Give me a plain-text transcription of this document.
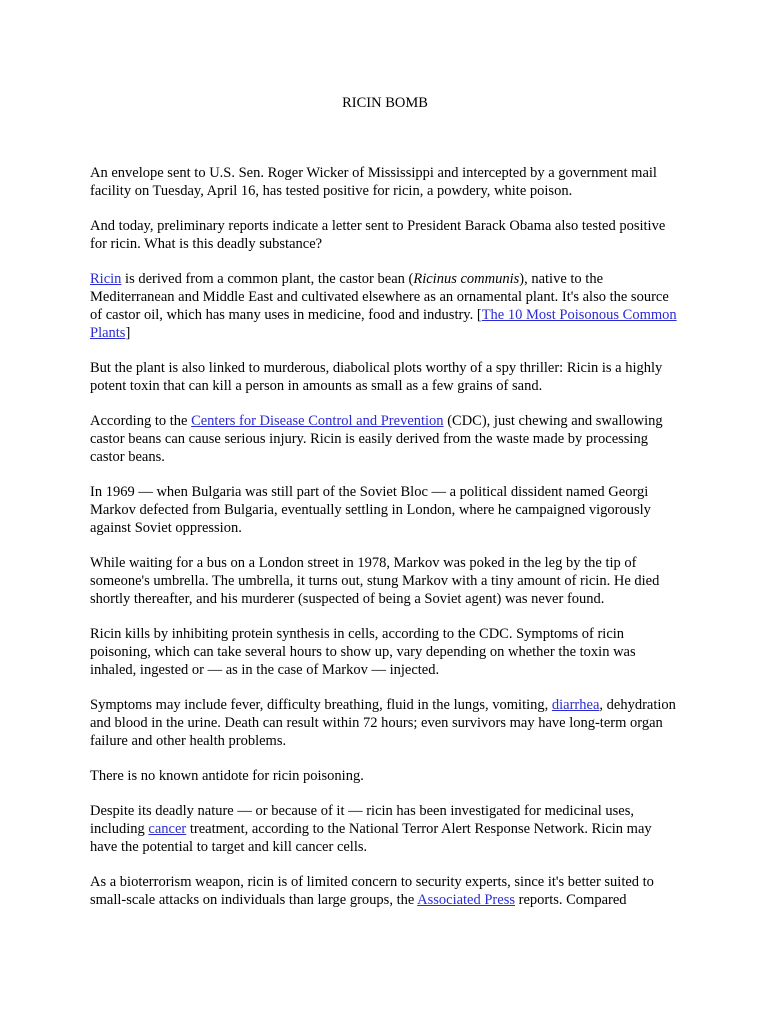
RICIN BOMB

An envelope sent to U.S. Sen. Roger Wicker of Mississippi and intercepted by a government mail facility on Tuesday, April 16, has tested positive for ricin, a powdery, white poison.

And today, preliminary reports indicate a letter sent to President Barack Obama also tested positive for ricin. What is this deadly substance?

Ricin is derived from a common plant, the castor bean (Ricinus communis), native to the Mediterranean and Middle East and cultivated elsewhere as an ornamental plant. It's also the source of castor oil, which has many uses in medicine, food and industry. [The 10 Most Poisonous Common Plants]

But the plant is also linked to murderous, diabolical plots worthy of a spy thriller: Ricin is a highly potent toxin that can kill a person in amounts as small as a few grains of sand.

According to the Centers for Disease Control and Prevention (CDC), just chewing and swallowing castor beans can cause serious injury. Ricin is easily derived from the waste made by processing castor beans.

In 1969 — when Bulgaria was still part of the Soviet Bloc — a political dissident named Georgi Markov defected from Bulgaria, eventually settling in London, where he campaigned vigorously against Soviet oppression.

While waiting for a bus on a London street in 1978, Markov was poked in the leg by the tip of someone's umbrella. The umbrella, it turns out, stung Markov with a tiny amount of ricin. He died shortly thereafter, and his murderer (suspected of being a Soviet agent) was never found.

Ricin kills by inhibiting protein synthesis in cells, according to the CDC. Symptoms of ricin poisoning, which can take several hours to show up, vary depending on whether the toxin was inhaled, ingested or — as in the case of Markov — injected.

Symptoms may include fever, difficulty breathing, fluid in the lungs, vomiting, diarrhea, dehydration and blood in the urine. Death can result within 72 hours; even survivors may have long-term organ failure and other health problems.

There is no known antidote for ricin poisoning.

Despite its deadly nature — or because of it — ricin has been investigated for medicinal uses, including cancer treatment, according to the National Terror Alert Response Network. Ricin may have the potential to target and kill cancer cells.

As a bioterrorism weapon, ricin is of limited concern to security experts, since it's better suited to small-scale attacks on individuals than large groups, the Associated Press reports. Compared
